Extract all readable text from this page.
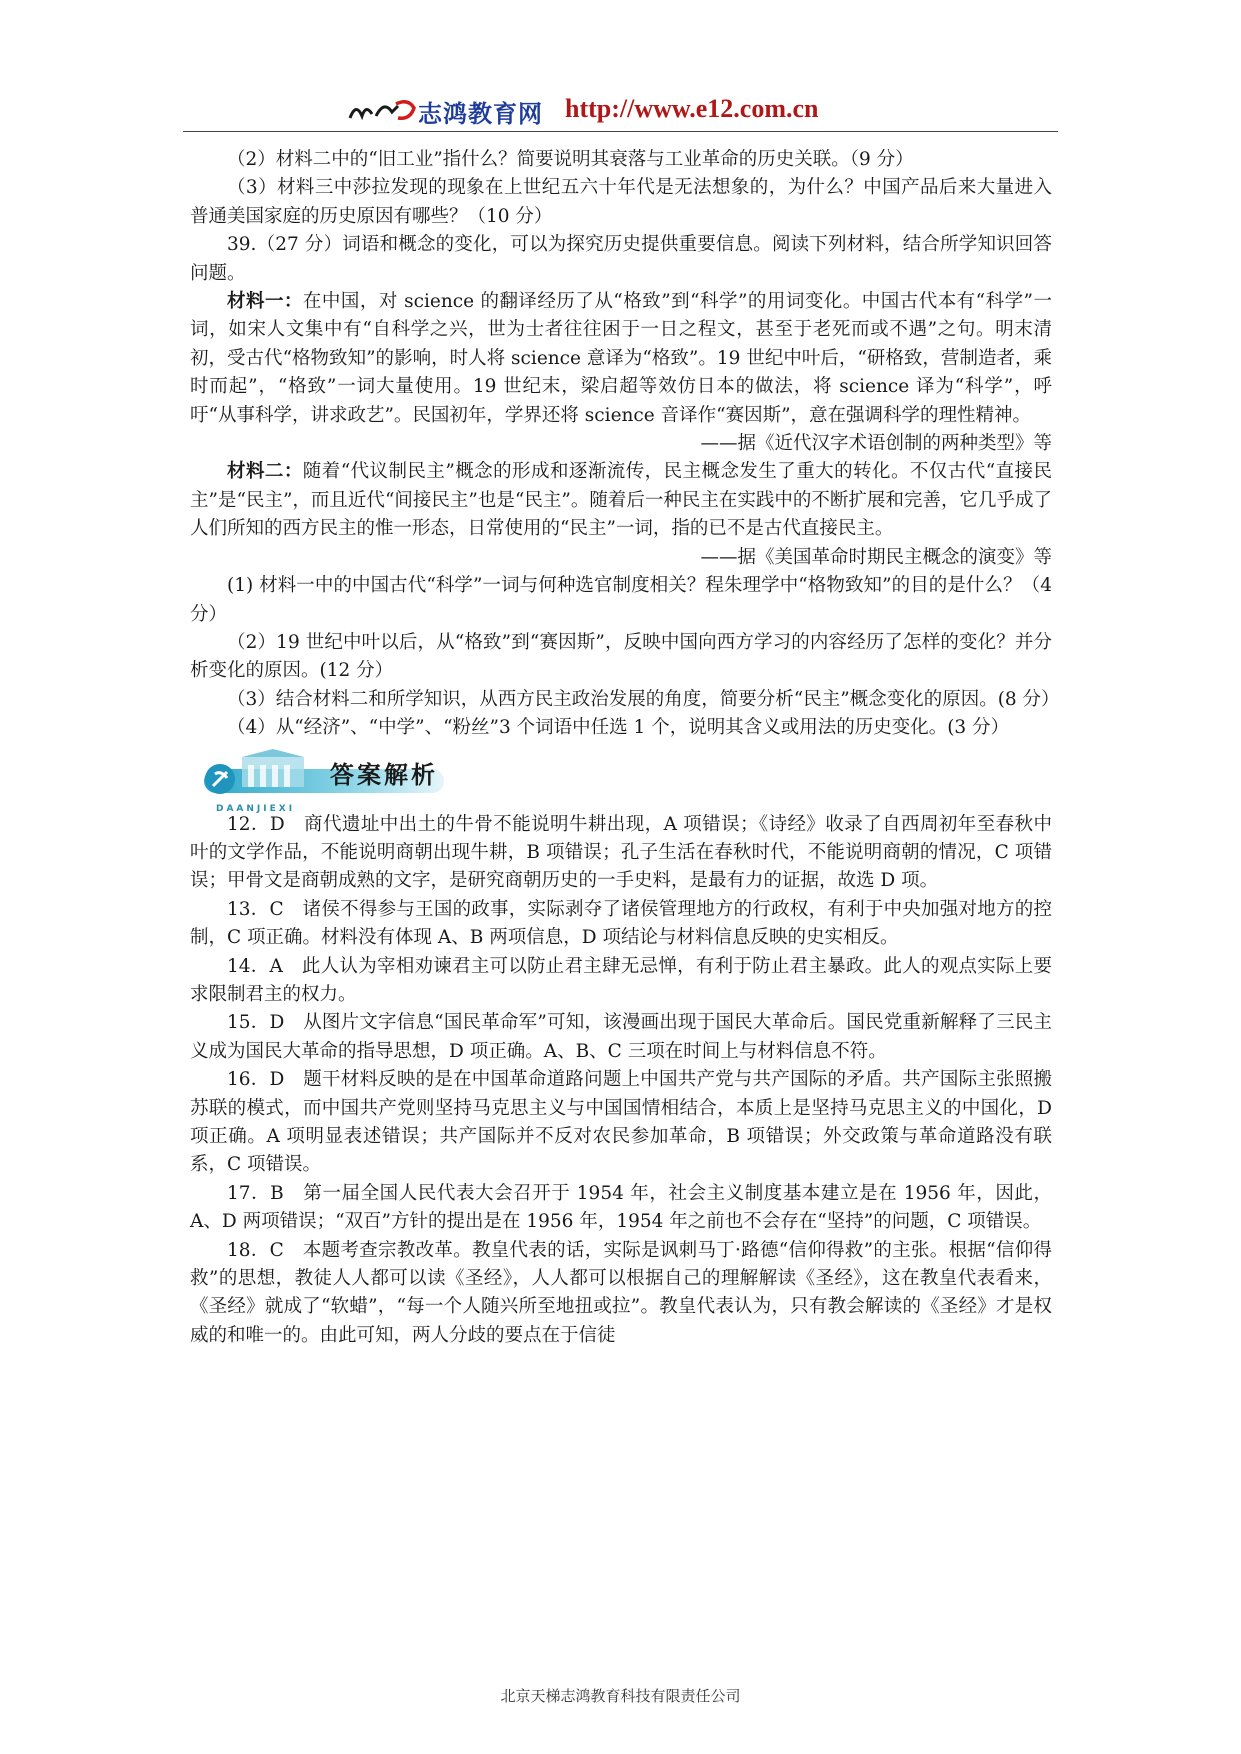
志鸿教育网 http://www.e12.com.cn

（2）材料二中的“旧工业”指什么？简要说明其衰落与工业革命的历史关联。（9 分）

（3）材料三中莎拉发现的现象在上世纪五六十年代是无法想象的，为什么？中国产品后来大量进入普通美国家庭的历史原因有哪些？（10 分）

39.（27 分）词语和概念的变化，可以为探究历史提供重要信息。阅读下列材料，结合所学知识回答问题。

材料一：在中国，对 science 的翻译经历了从“格致”到“科学”的用词变化。中国古代本有“科学”一词，如宋人文集中有“自科学之兴，世为士者往往困于一日之程文，甚至于老死而或不遇”之句。明末清初，受古代“格物致知”的影响，时人将 science 意译为“格致”。19 世纪中叶后，“研格致，营制造者，乘时而起”，“格致”一词大量使用。19 世纪末，梁启超等效仿日本的做法，将 science 译为“科学”，呼吁“从事科学，讲求政艺”。民国初年，学界还将 science 音译作“赛因斯”，意在强调科学的理性精神。

——据《近代汉字术语创制的两种类型》等

材料二：随着“代议制民主”概念的形成和逐渐流传，民主概念发生了重大的转化。不仅古代“直接民主”是“民主”，而且近代“间接民主”也是“民主”。随着后一种民主在实践中的不断扩展和完善，它几乎成了人们所知的西方民主的惟一形态，日常使用的“民主”一词，指的已不是古代直接民主。

——据《美国革命时期民主概念的演变》等

(1) 材料一中的中国古代“科学”一词与何种选官制度相关？程朱理学中“格物致知”的目的是什么？（4 分）

（2）19 世纪中叶以后，从“格致”到“赛因斯”，反映中国向西方学习的内容经历了怎样的变化？并分析变化的原因。(12 分）

（3）结合材料二和所学知识，从西方民主政治发展的角度，简要分析“民主”概念变化的原因。(8 分）

（4）从“经济”、“中学”、“粉丝”3 个词语中任选 1 个，说明其含义或用法的历史变化。(3 分）

答案解析
DAANJIEXI

12．D　商代遗址中出土的牛骨不能说明牛耕出现，A 项错误；《诗经》收录了自西周初年至春秋中叶的文学作品，不能说明商朝出现牛耕，B 项错误；孔子生活在春秋时代，不能说明商朝的情况，C 项错误；甲骨文是商朝成熟的文字，是研究商朝历史的一手史料，是最有力的证据，故选 D 项。

13．C　诸侯不得参与王国的政事，实际剥夺了诸侯管理地方的行政权，有利于中央加强对地方的控制，C 项正确。材料没有体现 A、B 两项信息，D 项结论与材料信息反映的史实相反。

14．A　此人认为宰相劝谏君主可以防止君主肆无忌惮，有利于防止君主暴政。此人的观点实际上要求限制君主的权力。

15．D　从图片文字信息“国民革命军”可知，该漫画出现于国民大革命后。国民党重新解释了三民主义成为国民大革命的指导思想，D 项正确。A、B、C 三项在时间上与材料信息不符。

16．D　题干材料反映的是在中国革命道路问题上中国共产党与共产国际的矛盾。共产国际主张照搬苏联的模式，而中国共产党则坚持马克思主义与中国国情相结合，本质上是坚持马克思主义的中国化，D 项正确。A 项明显表述错误；共产国际并不反对农民参加革命，B 项错误；外交政策与革命道路没有联系，C 项错误。

17．B　第一届全国人民代表大会召开于 1954 年，社会主义制度基本建立是在 1956 年，因此，A、D 两项错误；“双百”方针的提出是在 1956 年，1954 年之前也不会存在“坚持”的问题，C 项错误。

18．C　本题考查宗教改革。教皇代表的话，实际是讽刺马丁·路德“信仰得救”的主张。根据“信仰得救”的思想，教徒人人都可以读《圣经》，人人都可以根据自己的理解解读《圣经》，这在教皇代表看来，《圣经》就成了“软蜡”，“每一个人随兴所至地扭或拉”。教皇代表认为，只有教会解读的《圣经》才是权威的和唯一的。由此可知，两人分歧的要点在于信徒

北京天梯志鸿教育科技有限责任公司
